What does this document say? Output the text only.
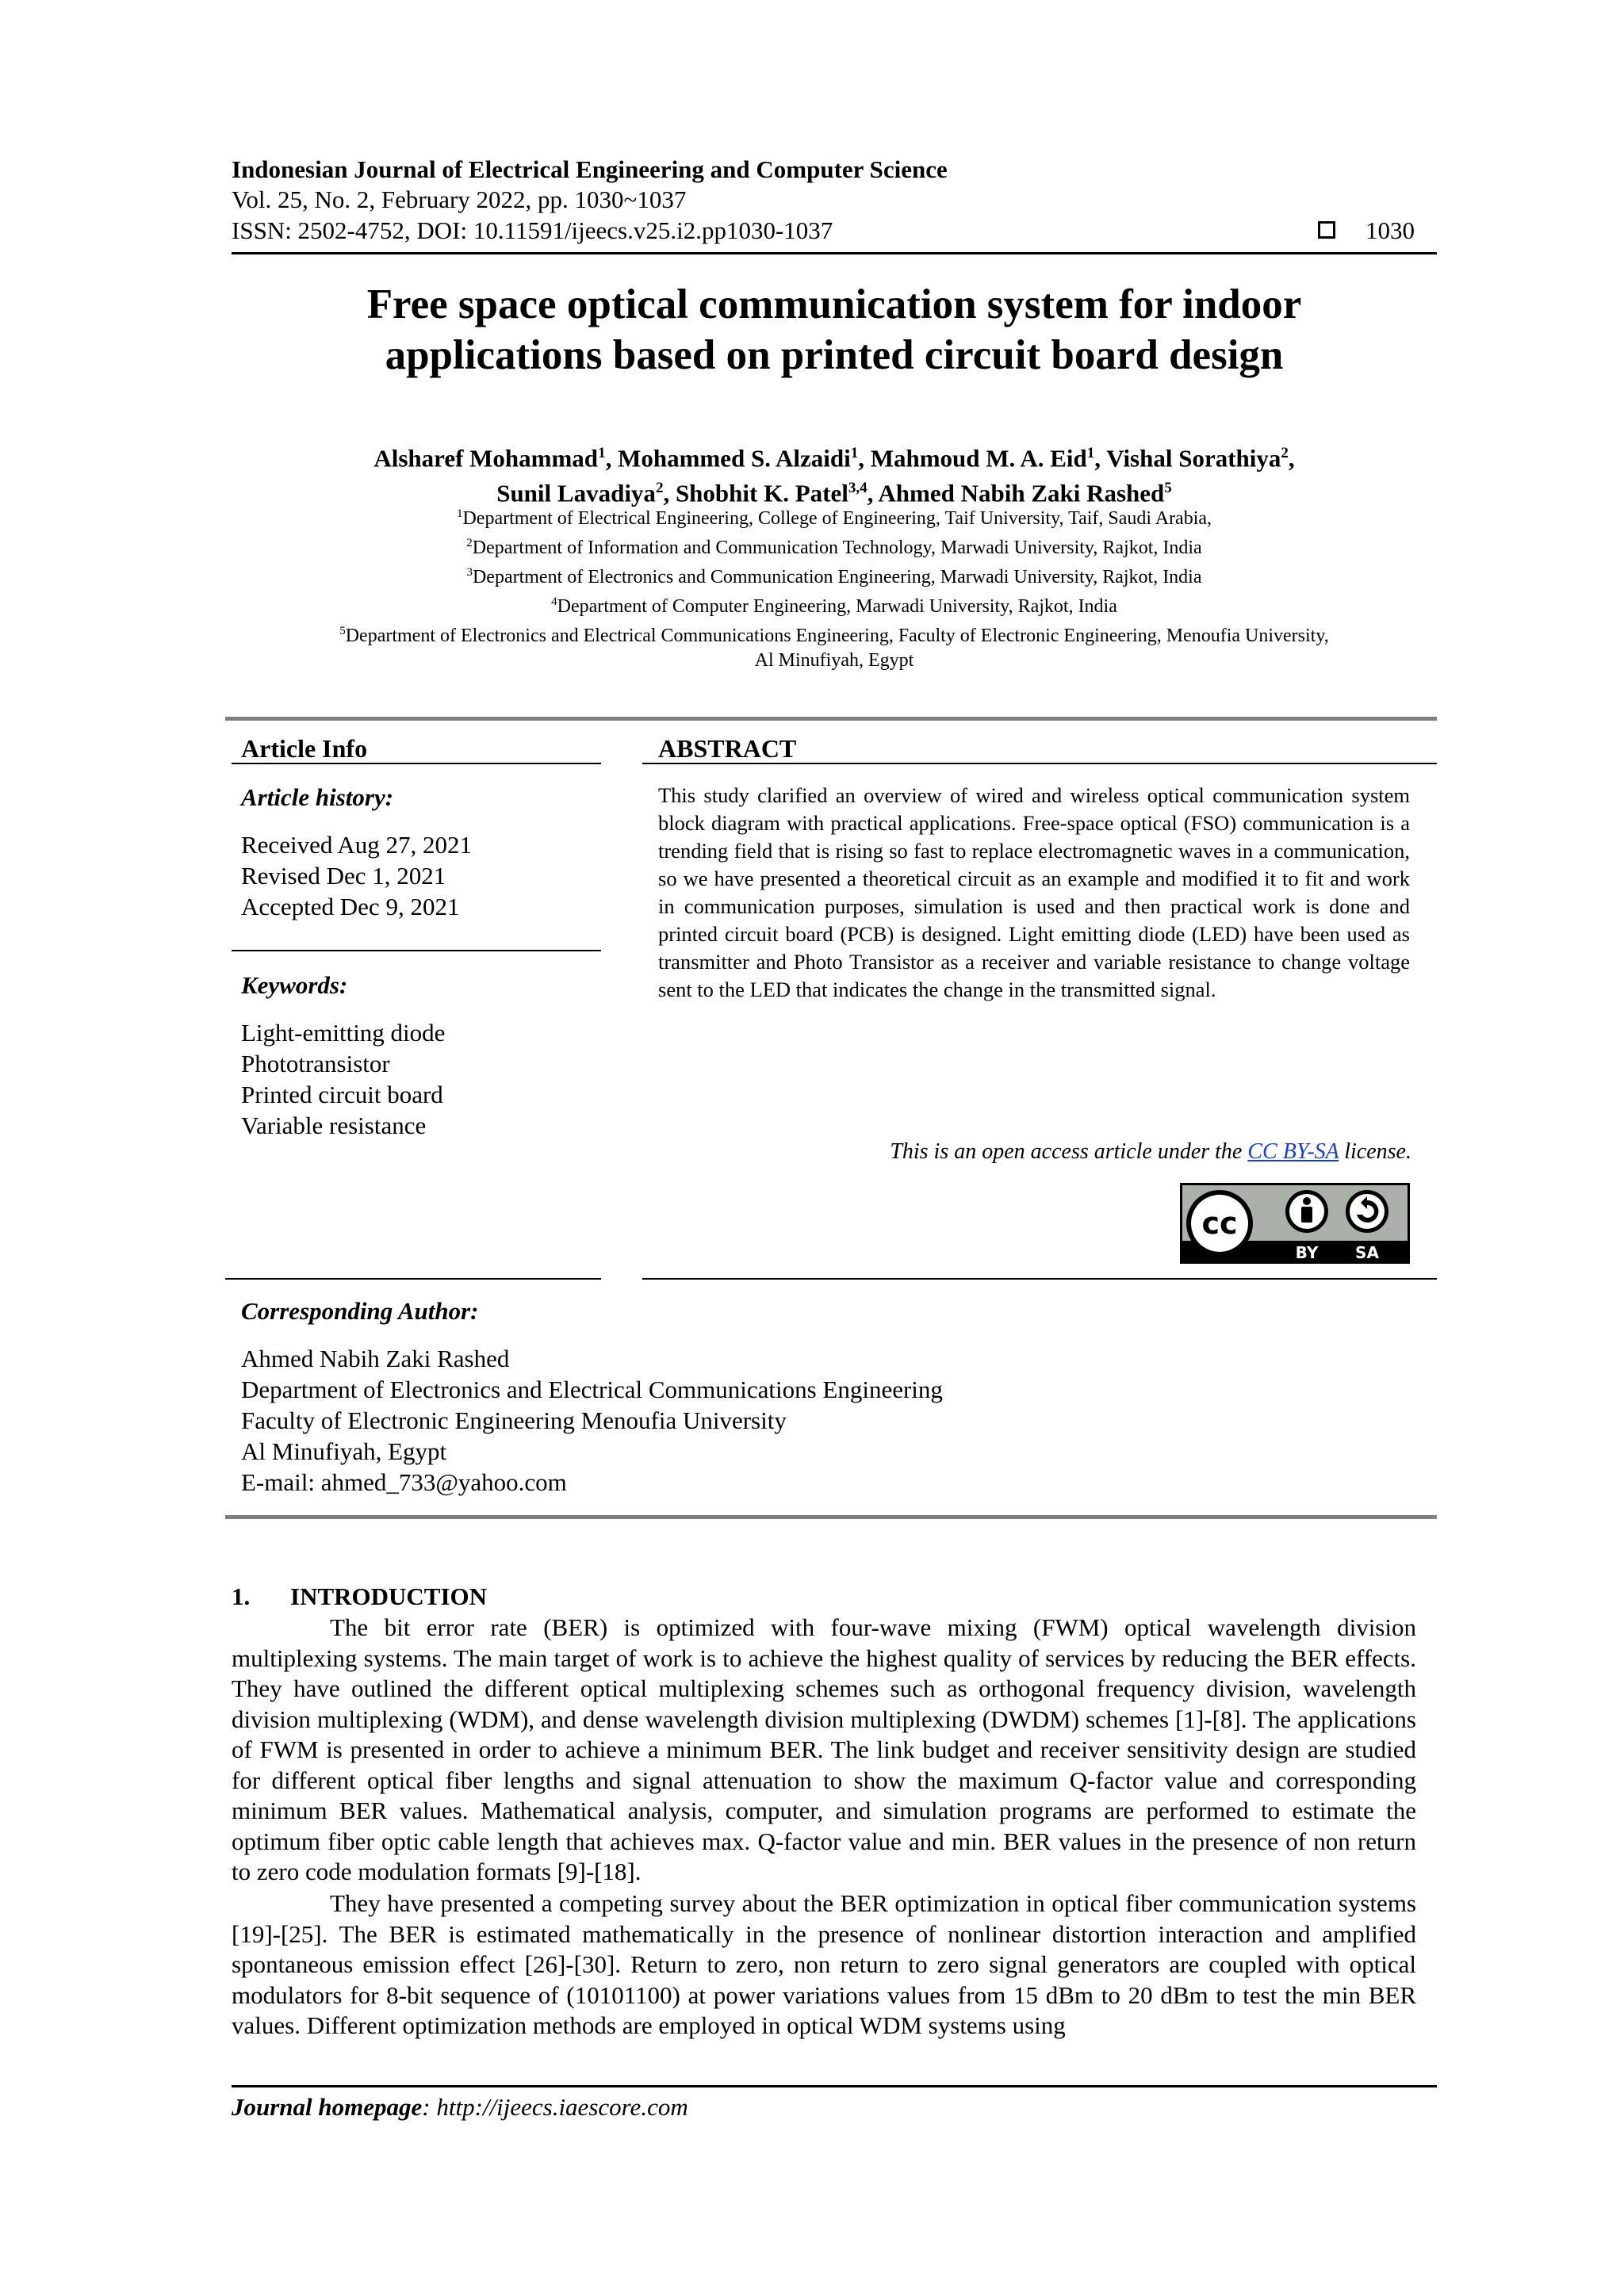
Indonesian Journal of Electrical Engineering and Computer Science
Vol. 25, No. 2, February 2022, pp. 1030~1037
ISSN: 2502-4752, DOI: 10.11591/ijeecs.v25.i2.pp1030-1037	1030
Free space optical communication system for indoor
applications based on printed circuit board design
Alsharef Mohammad$^1$, Mohammed S. Alzaidi$^1$, Mahmoud M. A. Eid$^1$, Vishal Sorathiya$^2$,
Sunil Lavadiya$^2$, Shobhit K. Patel$^{3,4}$, Ahmed Nabih Zaki Rashed$^5$
$^1$Department of Electrical Engineering, College of Engineering, Taif University, Taif, Saudi Arabia,
$^2$Department of Information and Communication Technology, Marwadi University, Rajkot, India
$^3$Department of Electronics and Communication Engineering, Marwadi University, Rajkot, India
$^4$Department of Computer Engineering, Marwadi University, Rajkot, India
$^5$Department of Electronics and Electrical Communications Engineering, Faculty of Electronic Engineering, Menoufia University,
Al Minufiyah, Egypt
Article Info
Article history:
Received Aug 27, 2021
Revised Dec 1, 2021
Accepted Dec 9, 2021
Keywords:
Light-emitting diode
Phototransistor
Printed circuit board
Variable resistance
ABSTRACT
This study clarified an overview of wired and wireless optical communication system block diagram with practical applications. Free-space optical (FSO) communication is a trending field that is rising so fast to replace electromagnetic waves in a communication, so we have presented a theoretical circuit as an example and modified it to fit and work in communication purposes, simulation is used and then practical work is done and printed circuit board (PCB) is designed. Light emitting diode (LED) have been used as transmitter and Photo Transistor as a receiver and variable resistance to change voltage sent to the LED that indicates the change in the transmitted signal.
This is an open access article under the CC BY-SA license.
cc
BY SA
Corresponding Author:
Ahmed Nabih Zaki Rashed
Department of Electronics and Electrical Communications Engineering
Faculty of Electronic Engineering Menoufia University
Al Minufiyah, Egypt
E-mail: ahmed_733@yahoo.com
1. INTRODUCTION
The bit error rate (BER) is optimized with four-wave mixing (FWM) optical wavelength division multiplexing systems. The main target of work is to achieve the highest quality of services by reducing the BER effects. They have outlined the different optical multiplexing schemes such as orthogonal frequency division, wavelength division multiplexing (WDM), and dense wavelength division multiplexing (DWDM) schemes [1]-[8]. The applications of FWM is presented in order to achieve a minimum BER. The link budget and receiver sensitivity design are studied for different optical fiber lengths and signal attenuation to show the maximum Q-factor value and corresponding minimum BER values. Mathematical analysis, computer, and simulation programs are performed to estimate the optimum fiber optic cable length that achieves max. Q-factor value and min. BER values in the presence of non return to zero code modulation formats [9]-[18].
They have presented a competing survey about the BER optimization in optical fiber communication systems [19]-[25]. The BER is estimated mathematically in the presence of nonlinear distortion interaction and amplified spontaneous emission effect [26]-[30]. Return to zero, non return to zero signal generators are coupled with optical modulators for 8-bit sequence of (10101100) at power variations values from 15 dBm to 20 dBm to test the min BER values. Different optimization methods are employed in optical WDM systems using
Journal homepage: http://ijeecs.iaescore.com
